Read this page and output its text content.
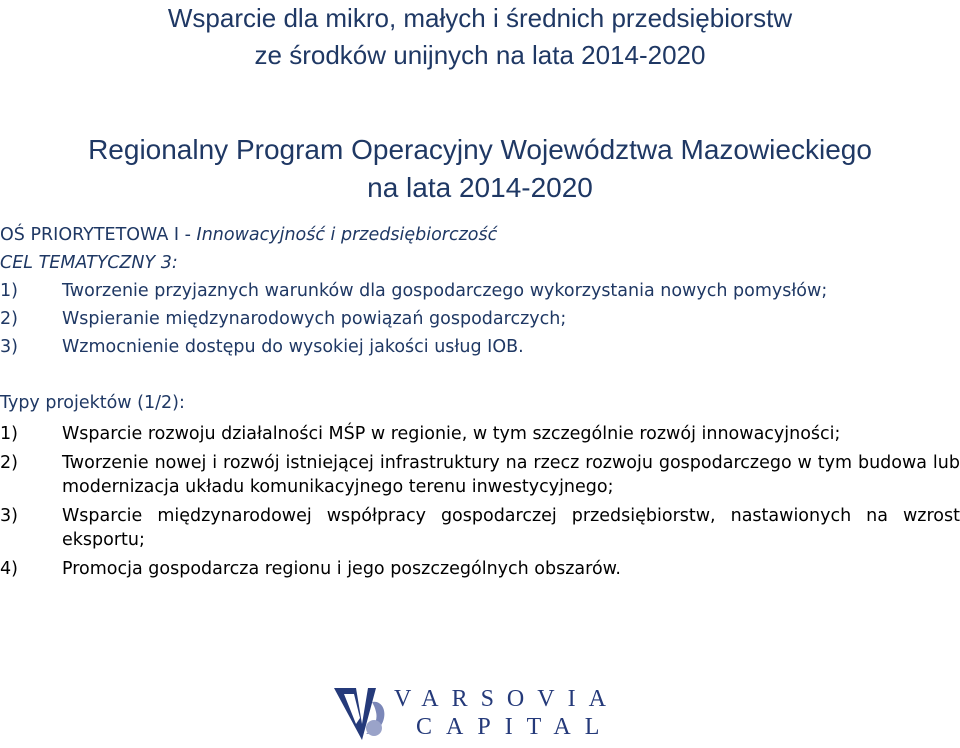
Wsparcie dla mikro, małych i średnich przedsiębiorstw
ze środków unijnych na lata 2014-2020
Regionalny Program Operacyjny Województwa Mazowieckiego
na lata 2014-2020
OŚ PRIORYTETOWA I - Innowacyjność i przedsiębiorczość
CEL TEMATYCZNY 3:
1)	Tworzenie przyjaznych warunków dla gospodarczego wykorzystania nowych pomysłów;
2)	Wspieranie międzynarodowych powiązań gospodarczych;
3)	Wzmocnienie dostępu do wysokiej jakości usług IOB.
Typy projektów (1/2):
1)	Wsparcie rozwoju działalności MŚP w regionie, w tym szczególnie rozwój innowacyjności;
2)	Tworzenie nowej i rozwój istniejącej infrastruktury na rzecz rozwoju gospodarczego w tym budowa lub modernizacja układu komunikacyjnego terenu inwestycyjnego;
3)	Wsparcie międzynarodowej współpracy gospodarczej przedsiębiorstw, nastawionych na wzrost eksportu;
4)	Promocja gospodarcza regionu i jego poszczególnych obszarów.
VARSOVIA
CAPITAL
